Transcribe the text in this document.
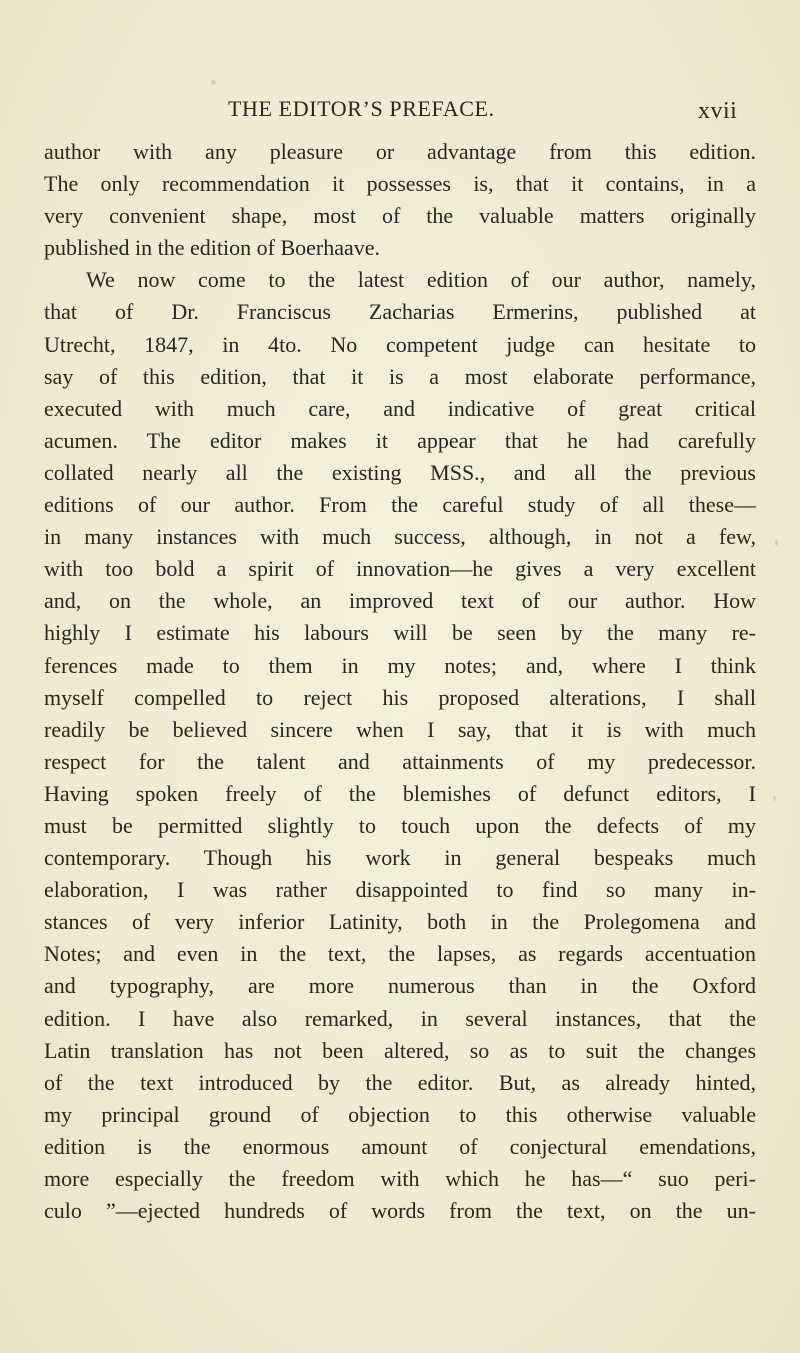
THE EDITOR’S PREFACE.	xvii
author with any pleasure or advantage from this edition.
The only recommendation it possesses is, that it contains, in a
very convenient shape, most of the valuable matters originally
published in the edition of Boerhaave.
We now come to the latest edition of our author, namely,
that of Dr. Franciscus Zacharias Ermerins, published at
Utrecht, 1847, in 4to. No competent judge can hesitate to
say of this edition, that it is a most elaborate performance,
executed with much care, and indicative of great critical
acumen. The editor makes it appear that he had carefully
collated nearly all the existing MSS., and all the previous
editions of our author. From the careful study of all these—
in many instances with much success, although, in not a few,
with too bold a spirit of innovation—he gives a very excellent
and, on the whole, an improved text of our author. How
highly I estimate his labours will be seen by the many re-
ferences made to them in my notes; and, where I think
myself compelled to reject his proposed alterations, I shall
readily be believed sincere when I say, that it is with much
respect for the talent and attainments of my predecessor.
Having spoken freely of the blemishes of defunct editors, I
must be permitted slightly to touch upon the defects of my
contemporary. Though his work in general bespeaks much
elaboration, I was rather disappointed to find so many in-
stances of very inferior Latinity, both in the Prolegomena and
Notes; and even in the text, the lapses, as regards accentuation
and typography, are more numerous than in the Oxford
edition. I have also remarked, in several instances, that the
Latin translation has not been altered, so as to suit the changes
of the text introduced by the editor. But, as already hinted,
my principal ground of objection to this otherwise valuable
edition is the enormous amount of conjectural emendations,
more especially the freedom with which he has—“ suo peri-
culo ”—ejected hundreds of words from the text, on the un-
